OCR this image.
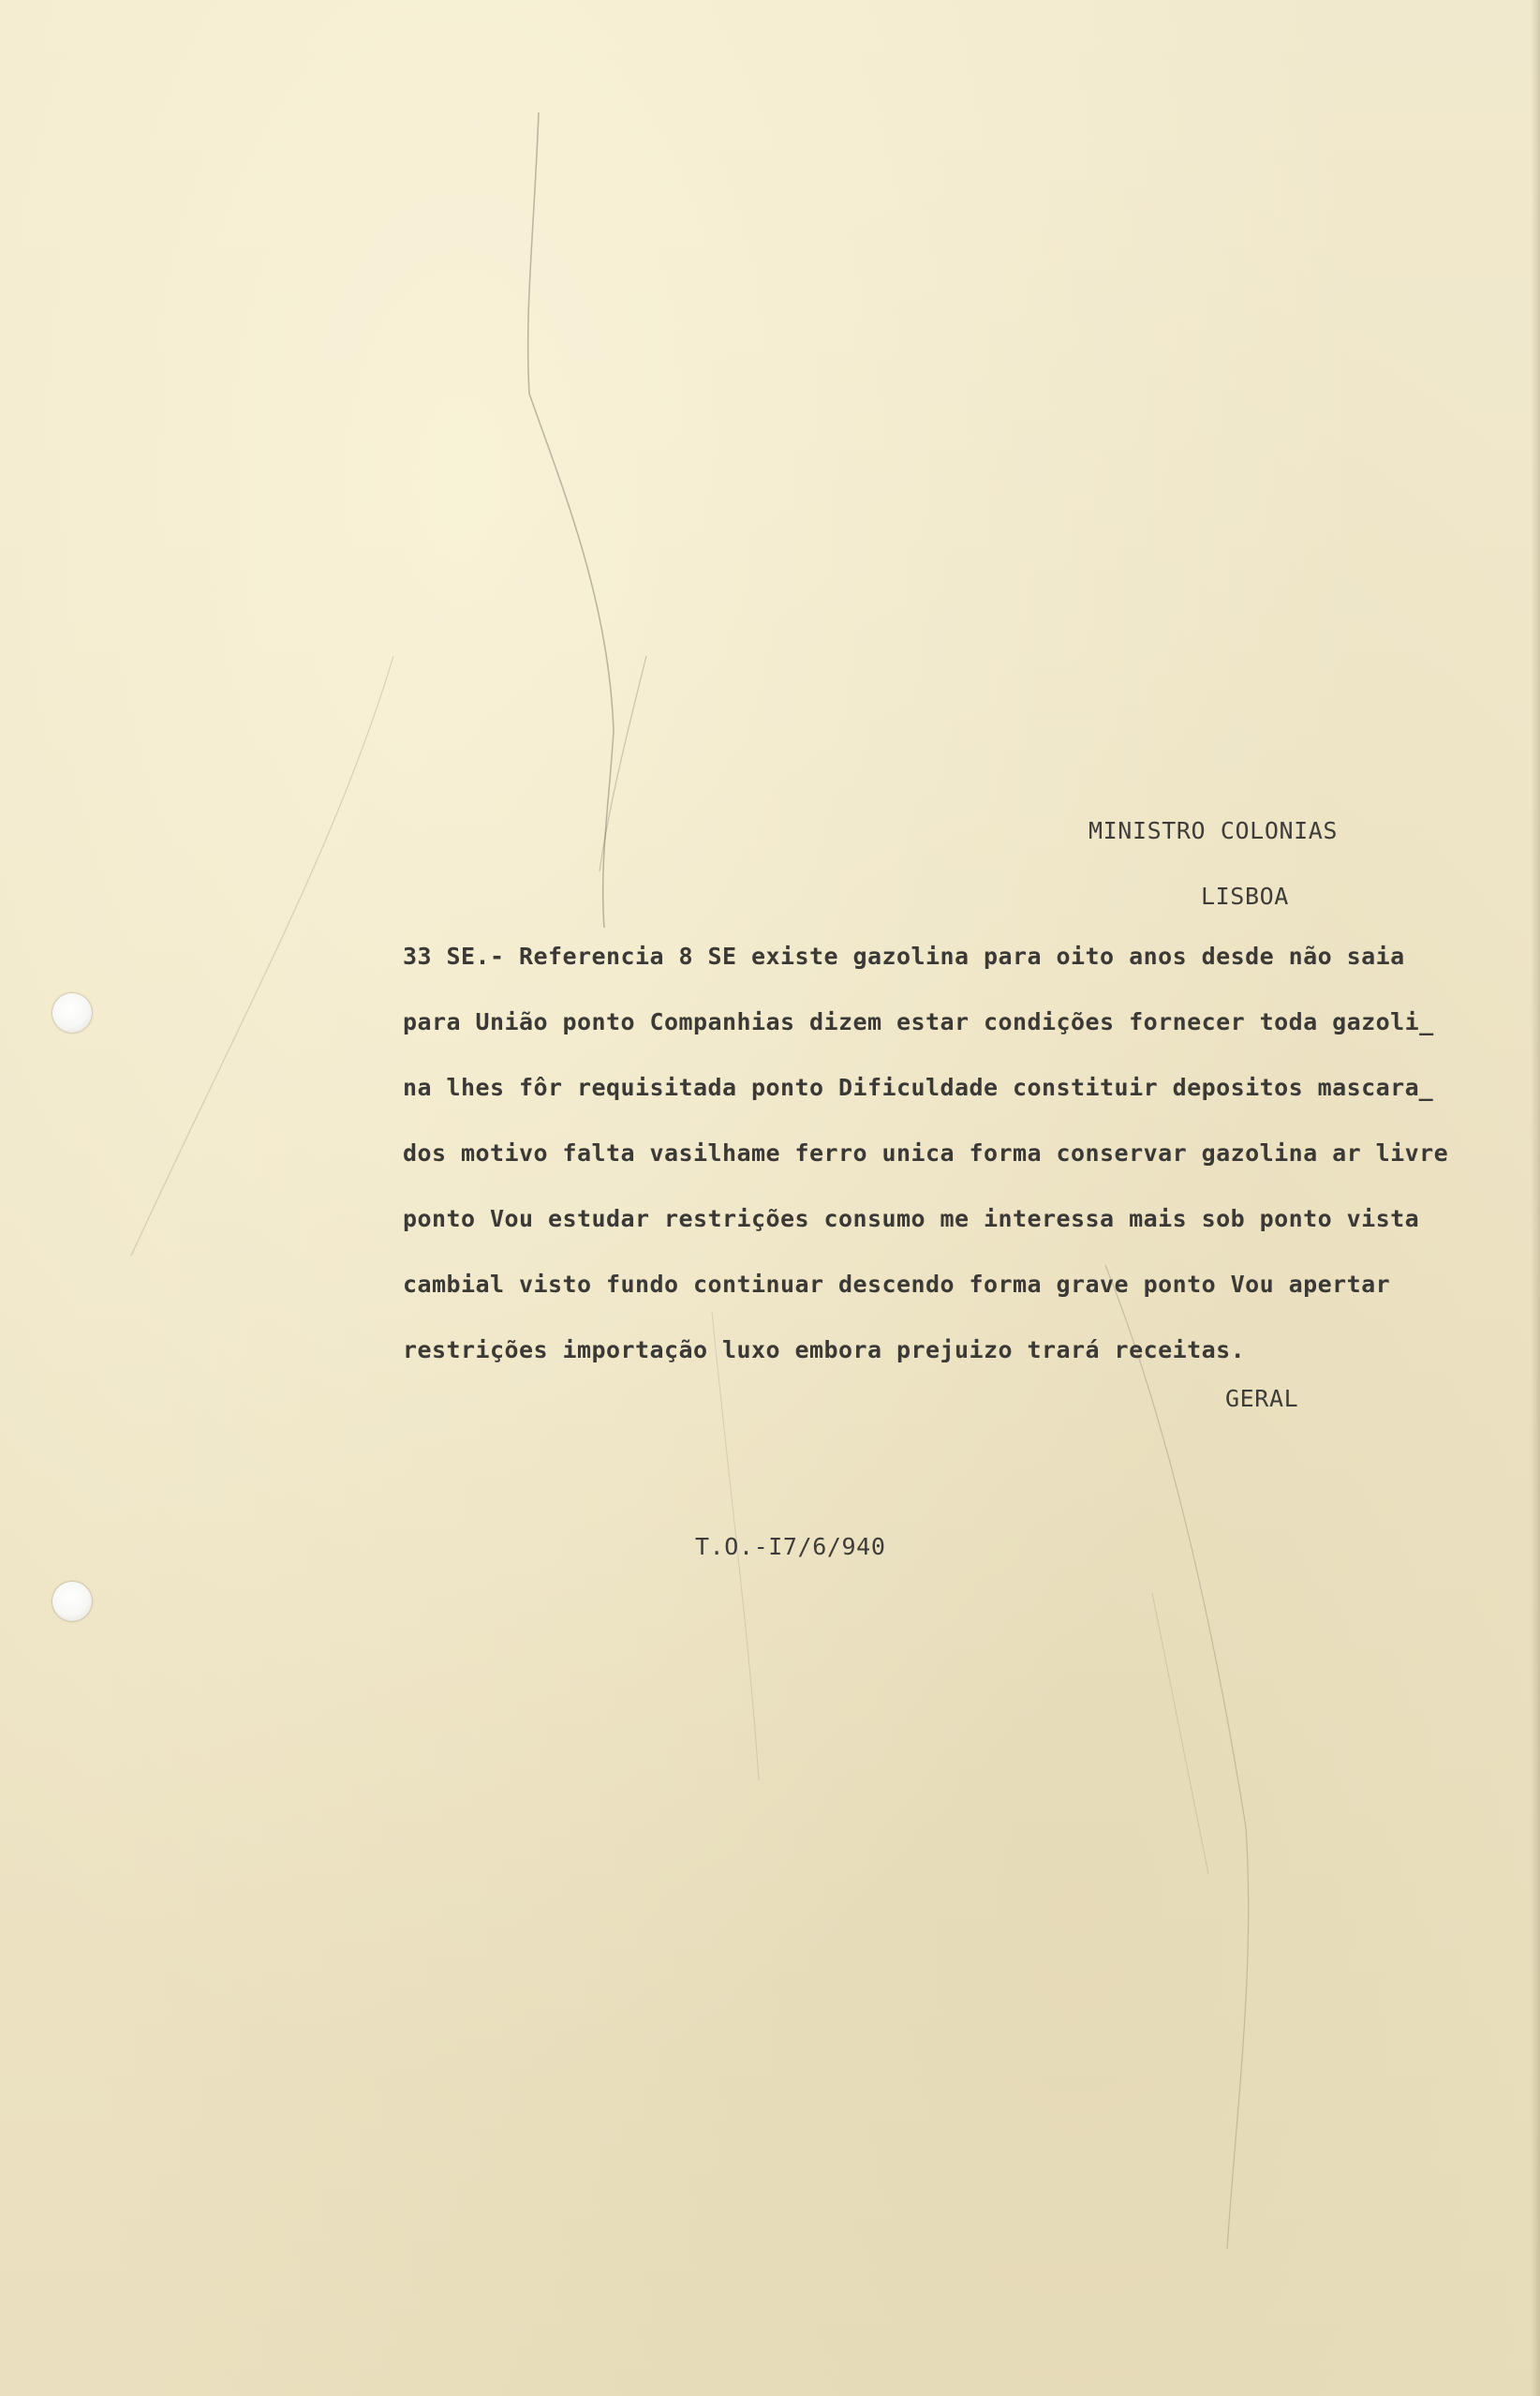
MINISTRO COLONIAS
LISBOA
33 SE.- Referencia 8 SE existe gazolina para oito anos desde não saia
para União ponto Companhias dizem estar condições fornecer toda gazoli_
na lhes fôr requisitada ponto Dificuldade constituir depositos mascara̲
dos motivo falta vasilhame ferro unica forma conservar gazolina ar livre
ponto Vou estudar restrições consumo me interessa mais sob ponto vista
cambial visto fundo continuar descendo forma grave ponto Vou apertar
restrições importação luxo embora prejuizo trará receitas.
GERAL
T.O.-I7/6/940
